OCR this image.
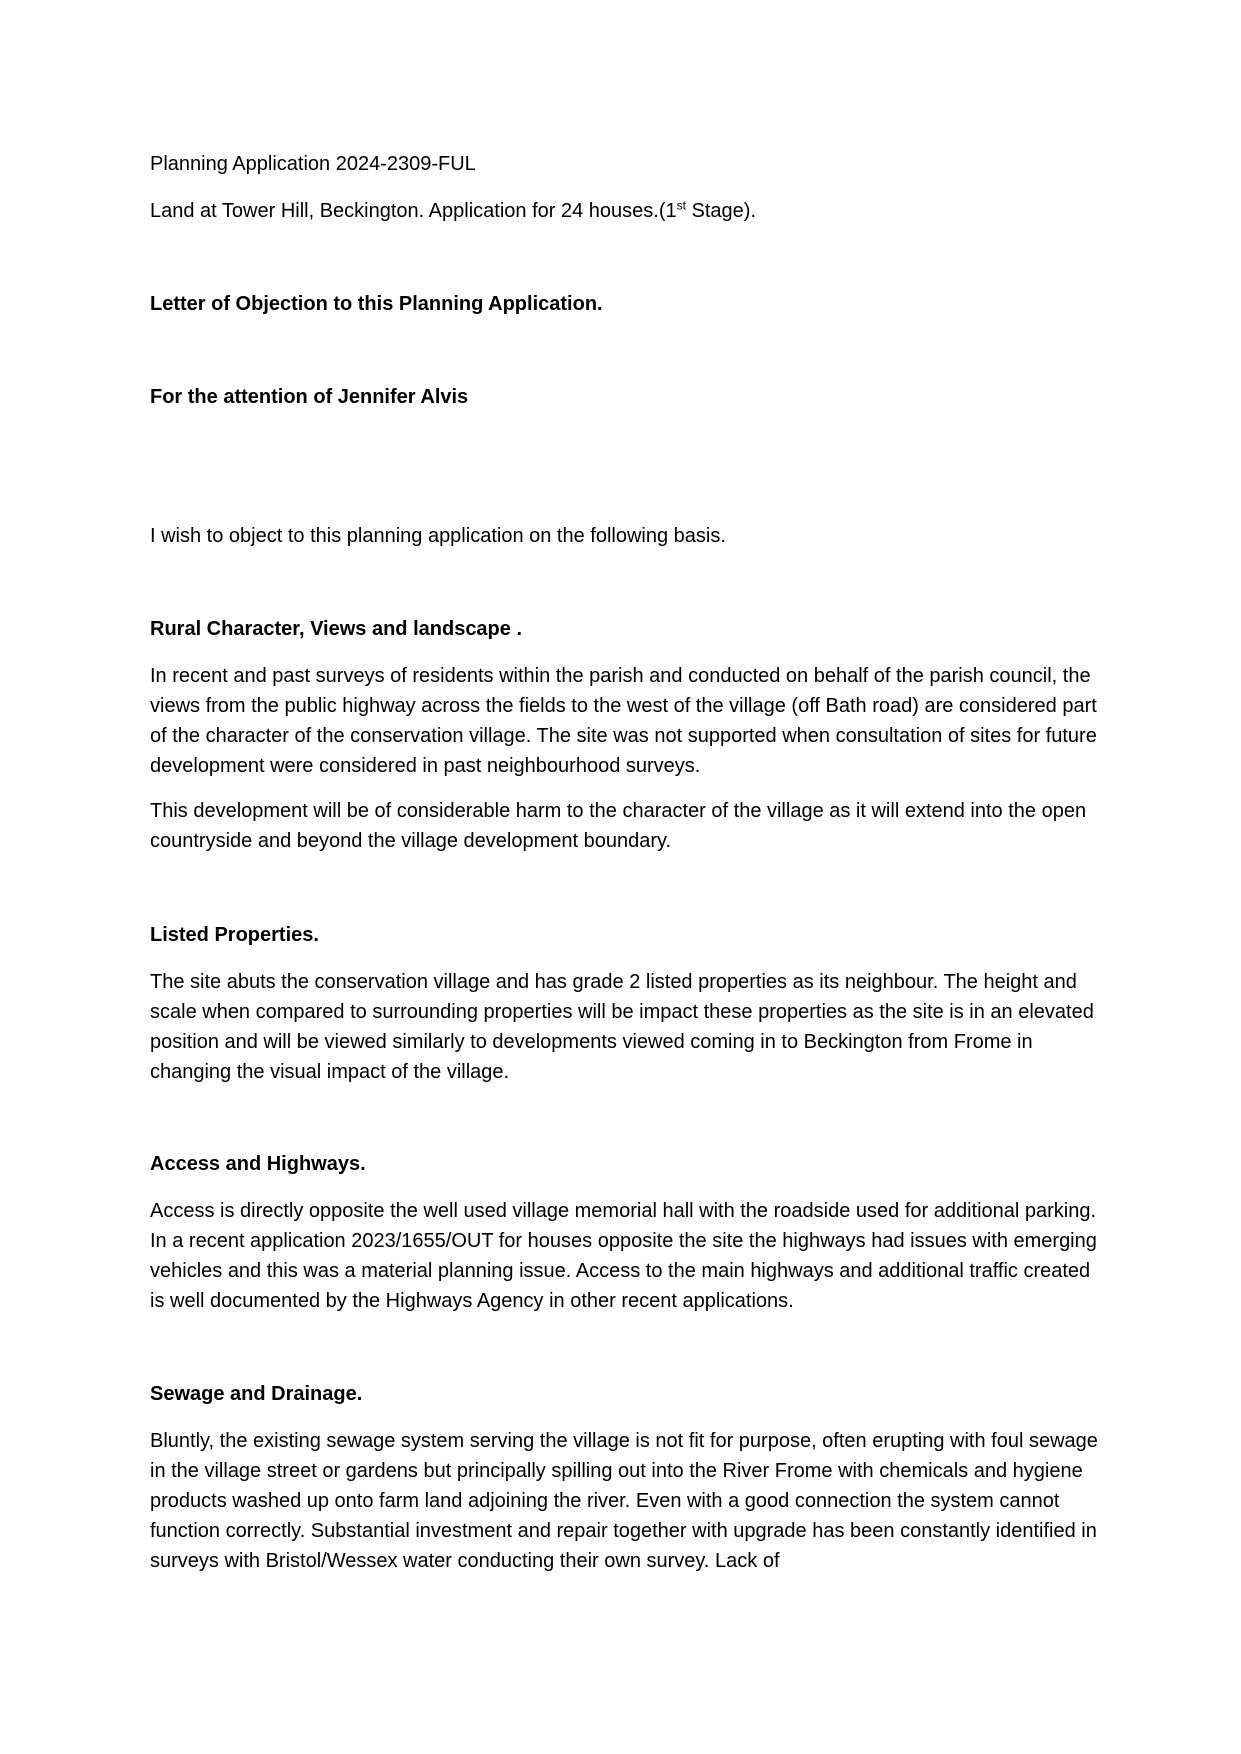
Planning Application 2024-2309-FUL

Land at Tower Hill, Beckington. Application for 24 houses.(1st Stage).

Letter of Objection to this Planning Application.

For the attention of Jennifer Alvis

I wish to object to this planning application on the following basis.

Rural Character, Views and landscape .

In recent and past surveys of residents within the parish and conducted on behalf of the parish council, the views from the public highway across the fields to the west of the village (off Bath road) are considered part of the character of the conservation village. The site was not supported when consultation of sites for future development were considered in past neighbourhood surveys.

This development will be of considerable harm to the character of the village as it will extend into the open countryside and beyond the village development boundary.

Listed Properties.

The site abuts the conservation village and has grade 2 listed properties as its neighbour. The height and scale when compared to surrounding properties will be impact these properties as the site is in an elevated position and will be viewed similarly to developments viewed coming in to Beckington from Frome in changing the visual impact of the village.

Access and Highways.

Access is directly opposite the well used village memorial hall with the roadside used for additional parking. In a recent application 2023/1655/OUT for houses opposite the site the highways had issues with emerging vehicles and this was a material planning issue. Access to the main highways and additional traffic created is well documented by the Highways Agency in other recent applications.

Sewage and Drainage.

Bluntly, the existing sewage system serving the village is not fit for purpose, often erupting with foul sewage in the village street or gardens but principally spilling out into the River Frome with chemicals and hygiene products washed up onto farm land adjoining the river. Even with a good connection the system cannot function correctly. Substantial investment and repair together with upgrade has been constantly identified in surveys with Bristol/Wessex water conducting their own survey. Lack of
